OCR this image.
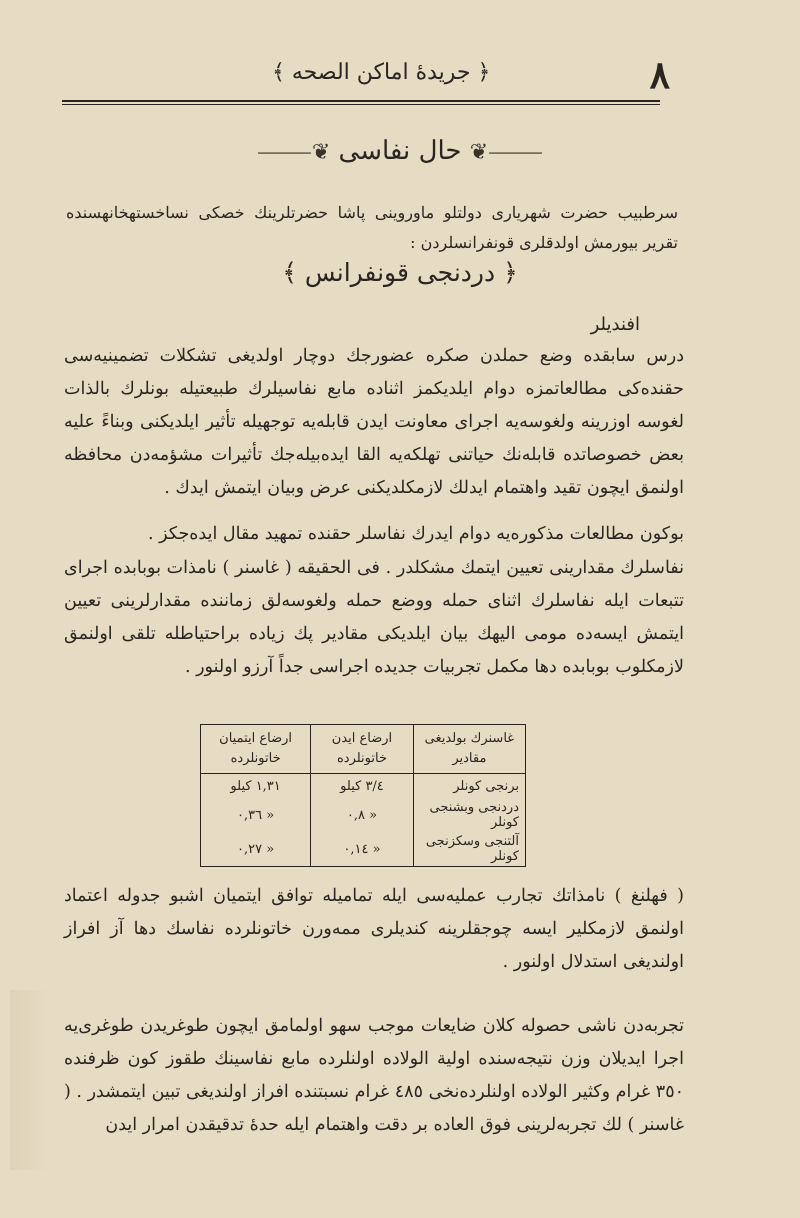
٨
﴿ جريدهٔ اماكن الصحه ﴾
⸻❦ حال نفاسی ❦⸻
سرطبیب حضرت شهریاری دولتلو ماوروینی پاشا حضرتلرینك خصکی نساخستهخانهسنده تقریر بیورمش اولدقلری قونفرانسلردن :
﴿ دردنجی قونفرانس ﴾
افندیلر
درس سابقده وضع حملدن صکره عضورجك دوچار اولدیغی تشکلات تضمینیه‌سی حقنده‌کی مطالعاتمزه دوام ایلدیکمز اثناده مابع نفاسیلرك طبیعتیله بونلرك بالذات لغوسه اوزرینه ولغوسه‌یه اجرای معاونت ایدن قابله‌یه توجهیله تأثیر ایلدیکنی وبناءً علیه بعض خصوصاتده قابله‌نك حیاتنی تهلکه‌یه القا ایده‌بیله‌جك تأثیرات مشؤمه‌دن محافظه اولنمق ایچون تقید واهتمام ایدلك لازمکلدیکنی عرض وبیان ایتمش ایدك .
بوکون مطالعات مذکوره‌یه دوام ایدرك نفاسلر حقنده تمهید مقال ایده‌جکز .
نفاسلرك مقدارینی تعیین ایتمك مشکلدر . فی الحقیقه ( غاسنر ) نامذات بوبابده اجرای تتبعات ایله نفاسلرك اثنای حمله ووضع حمله ولغوسه‌لق زماننده مقدارلرینی تعیین ایتمش ایسه‌ده مومی الیهك بیان ایلدیکی مقادیر پك زیاده براحتیاطله تلقی اولنمق لازمکلوب بوبابده دها مکمل تجربیات جدیده اجراسی جداً آرزو اولنور .
غاسنرك بولدیغی مقادیر	ارضاع ایدن خاتونلرده	ارضاع ایتمیان خاتونلرده
برنجی کونلر	٣/٤ کیلو	١,٣١ کیلو
دردنجی وبشنجی کونلر	٠,٨ »	٠,٣٦ »
آلتنجی وسکزنجی کونلر	٠,١٤ »	٠,٢٧ »
( فهلنغ ) نامذاتك تجارب عملیه‌سی ایله تمامیله توافق ایتمیان اشبو جدوله اعتماد اولنمق لازمکلیر ایسه چوجقلرینه کندیلری ممه‌ورن خاتونلرده نفاسك دها آز افراز اولندیغی استدلال اولنور .
تجربه‌دن ناشی حصوله کلان ضایعات موجب سهو اولمامق ایچون طوغریدن طوغری‌یه اجرا ایدیلان وزن نتیجه‌سنده اولیة الولاده اولنلرده مابع نفاسینك طقوز کون ظرفنده ٣٥٠ غرام وکثیر الولاده اولنلرده‌نخی ٤٨٥ غرام نسبتنده افراز اولندیغی تبین ایتمشدر . ( غاسنر ) لك تجربه‌لرینی فوق العاده بر دقت واهتمام ایله حدهٔ تدقیقدن امرار ایدن
